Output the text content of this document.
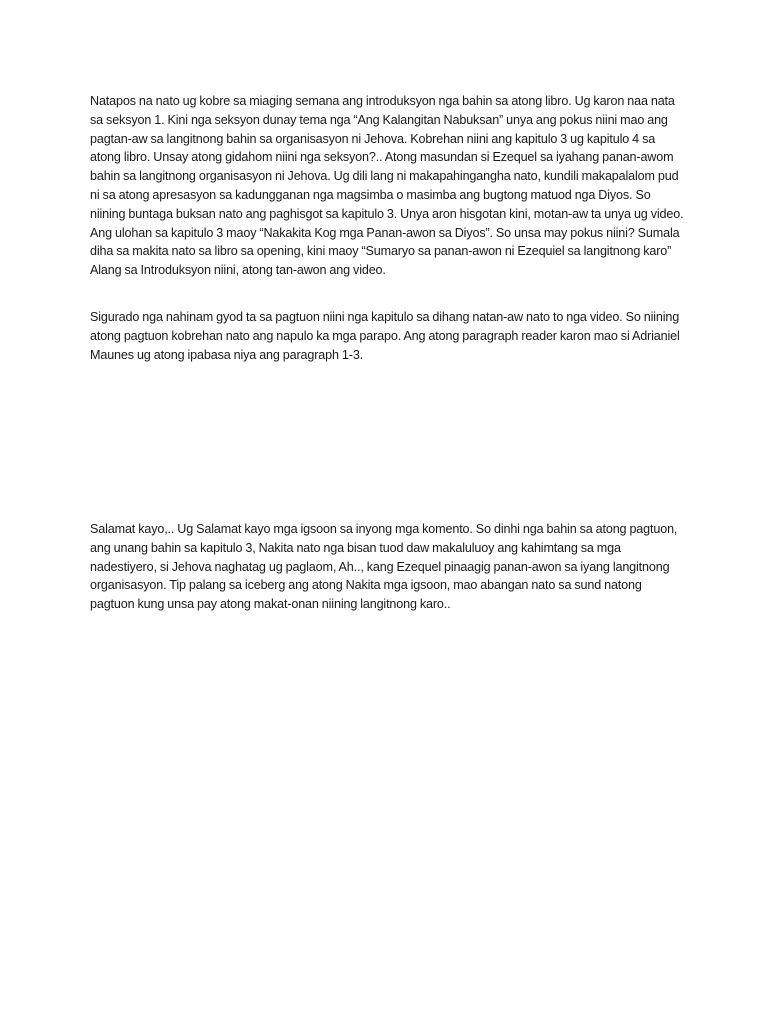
Natapos na nato ug kobre sa miaging semana ang introduksyon nga bahin sa atong libro. Ug karon naa nata sa seksyon 1. Kini nga seksyon dunay tema nga “Ang Kalangitan Nabuksan” unya ang pokus niini mao ang pagtan-aw sa langitnong bahin sa organisasyon ni Jehova. Kobrehan niini ang kapitulo 3 ug kapitulo 4 sa atong libro. Unsay atong gidahom niini nga seksyon?.. Atong masundan si Ezequel sa iyahang panan-awom bahin sa langitnong organisasyon ni Jehova. Ug dili lang ni makapahingangha nato, kundili makapalalom pud ni sa atong apresasyon sa kadungganan nga magsimba o masimba ang bugtong matuod nga Diyos. So niining buntaga buksan nato ang paghisgot sa kapitulo 3. Unya aron hisgotan kini, motan-aw ta unya ug video. Ang ulohan sa kapitulo 3 maoy “Nakakita Kog mga Panan-awon sa Diyos”. So unsa may pokus niini? Sumala diha sa makita nato sa libro sa opening, kini maoy “Sumaryo sa panan-awon ni Ezequiel sa langitnong karo” Alang sa Introduksyon niini, atong tan-awon ang video.

Sigurado nga nahinam gyod ta sa pagtuon niini nga kapitulo sa dihang natan-aw nato to nga video. So niining atong pagtuon kobrehan nato ang napulo ka mga parapo. Ang atong paragraph reader karon mao si Adrianiel Maunes ug atong ipabasa niya ang paragraph 1-3.

Salamat kayo,.. Ug Salamat kayo mga igsoon sa inyong mga komento. So dinhi nga bahin sa atong pagtuon, ang unang bahin sa kapitulo 3, Nakita nato nga bisan tuod daw makaluluoy ang kahimtang sa mga nadestiyero, si Jehova naghatag ug paglaom, Ah.., kang Ezequel pinaagig panan-awon sa iyang langitnong organisasyon. Tip palang sa iceberg ang atong Nakita mga igsoon, mao abangan nato sa sund natong pagtuon kung unsa pay atong makat-onan niining langitnong karo..
